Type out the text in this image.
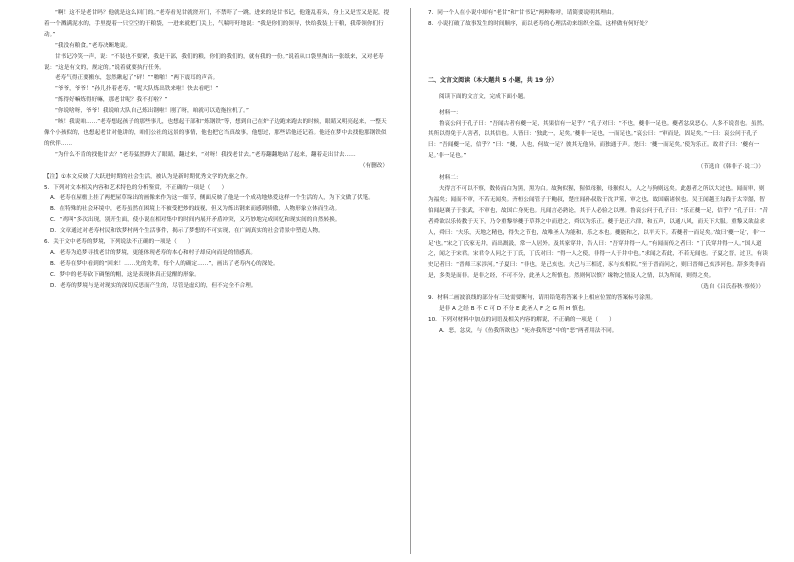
“啊！这不是老甘吗？他就是这么回门的。”老寿看见甘就搓开门，不禁吓了一跳。进来的是甘书记，他蓬乱着头，身上又是雪又是泥，提着一个溅满泥水的，手里提着一只空空的干粮袋，一进来就把门关上，气喘吁吁地说：“我是你们的领导，快给我装上干粮，我带领你们行动。”

“我没有粮食。”老寿决断地说。

甘书记冷笑一声，说：“不装也不要紧，我是干部，我们的粮，你们的我们的，就有我的一份。”说着从口袋里掏出一张纸来，又对老寿说：“这是有文的，规定的。”说着就要执行任务。

老寿气得正要搬东，忽然瞅起了“砰！”“啪啪！”两下震耳的声音。

“爷爷，爷爷！”孙儿扑着老寿，“呢大队炼出铁来啦！快去看吧！”

“炼得好嘛炼得好嘛，那老甘呢？我不打啦？”

“你说啥呀，爷爷！我说咱大队自己炼出钢啦！刚了呀，咱就可以造拖拉机了。”

“咳！我说咱……”老寿想起孩子的那些事儿，也想起干部和“炼钢铁”等，想到自己在炉子边跑来跑去的时候，眼睛又明亮起来，一整天像个小孩似的，也想起老甘对他讲的，咱们公社的远景的事情，他也把它当真故事，他想过，那些话他还记着。他还在梦中去找他那钢铁似的伙伴……

“为什么不肯的找他甘去？”老寿猛然睁大了眼睛，翻过来，“对呀！我找老甘去。”老寿翻翻地站了起来，翻着走出甘去……

（有删改）

【注】①本文反映了大跃进时期的社会生活，被认为是新时期优秀文学的先驱之作。

5．下列对文本相关内容和艺术特色的分析鉴赏，不正确的一项是（　　）

A．老寿在屋檐上挂了两把屋草垛出的画像来作为这一细节，侧面反映了他是一个成功地热爱这样一个生活的人，为下文做了伏笔。

B．在特殊的社会环境中，老寿虽然在困境上不被受把炒的歧视，但又为炼出钢来而感到骄傲，人物形象立体而生动。

C．“鸡叫”多次出现，别开生面，使小说在相对集中的时间内展开矛盾冲突，又巧妙地完成回忆和现实间的自然转换。

D．文章通过对老寿村民和饮梦村两个生活事件，揭示了梦想的不可实现，在广阔真实的社会背景中塑造人物。

6．关于文中老寿的梦境，下列说法不正确的一项是（　　）

A．老寿为追梦寻找老甘的梦境，更能体现老寿的本心和村子却反向而是的情感真。

B．老寿在梦中看到的“回来！……先的先辈，每个人的确定……”，画出了老寿内心的深处。

C．梦中的老寿砍下碉堡的帽，这是表现体真正觉醒的形象。

D．老寿的梦境与是对现实的深切反思而产生的，尽管是虚幻的，但不完全不合理。

7．同一个人在小说中却有“老甘”和“甘书记”两种称呼，请简要说明其理由。

8．小说打破了故事发生的时间顺序，而以老寿的心理活动来组织全篇，这样做有何好处？

二、文言文阅读（本大题共 5 小题，共 19 分）

阅读下面的文言文，完成下面小题。

材料一：

鲁哀公问于孔子曰：“吾闻古者有夔一足，其果信有一足乎？”孔子对曰：“不也，夔非一足也。夔者忿戾恶心，人多不说喜也。虽然，其所以得免于人害者，以其信也。人皆曰：‘独此一，足矣。’夔非一足也，一而足也。”哀公曰：“审而是，固足矣。”一曰：哀公问于孔子曰：“吾闻夔一足，信乎？”曰：“夔，人也，何故一足？彼其无他异，而独通于声。尧曰：‘夔一而足矣。’使为乐正。故君子曰：‘夔有一足。’非一足也。”

（节选自《韩非子·说二》）

材料二：

夫得言不可以不察，数传而白为黑，黑为白。故狗似猩，猩似母猴，母猴似人，人之与狗则远矣。此愚者之所以大过也。闻而审，则为福矣；闻而不审，不若无闻矣。齐桓公闻管子于鲍叔，楚庄闻孙叔敖于沈尹筮，审之也，故国霸诸侯也。吴王闻越王勾践于太宰嚭，智伯闻赵襄子于张武，不审也，故国亡身死也。凡闻言必熟论，其于人必验之以理。鲁哀公问于孔子曰：“乐正夔一足，信乎？”孔子曰：“昔者舜欲以乐传教于天下，乃令重黎举夔于草莽之中而进之，舜以为乐正。夔于是正六律，和五声，以通八风，而天下大服。重黎又欲益求人，舜曰：‘夫乐，天地之精也，得失之节也，故唯圣人为能和，乐之本也。夔能和之，以平天下。若夔者一而足矣。’故曰‘夔一足’，非‘一足’也。”宋之丁氏家无井，而出溉汲，常一人居外。及其家穿井，告人曰：“吾穿井得一人。”有闻而传之者曰：“丁氏穿井得一人。”国人道之，闻之于宋君。宋君令人问之于丁氏，丁氏对曰：“得一人之使，非得一人于井中也。”求闻之若此，不若无闻也。子夏之晋，过卫，有读史记者曰：“晋师三豕涉河。”子夏曰：“非也，是己亥也。夫己与三相近，豕与亥相似。”至于晋而问之，则曰晋师己亥涉河也。辞多类非而是，多类是而非。是非之经，不可不分，此圣人之所慎也。然则何以慎？缘物之情及人之情，以为所闻，则得之矣。

（选自《吕氏春秋·察传》）

9．材料二画波浪线的部分有三处需要断句，请用铅笔将答案卡上相应位置的答案标号涂黑。

是非 A 之经 B 不 C 可 D 不分 E 此圣人 F 之 G 所 H 慎也。

10．下列对材料中加点的词语及相关内容的解说，不正确的一项是（　　）

A．恶，忿戾，与《鱼我所欲也》“死亦我所恶”中的“恶”两者用法不同。
